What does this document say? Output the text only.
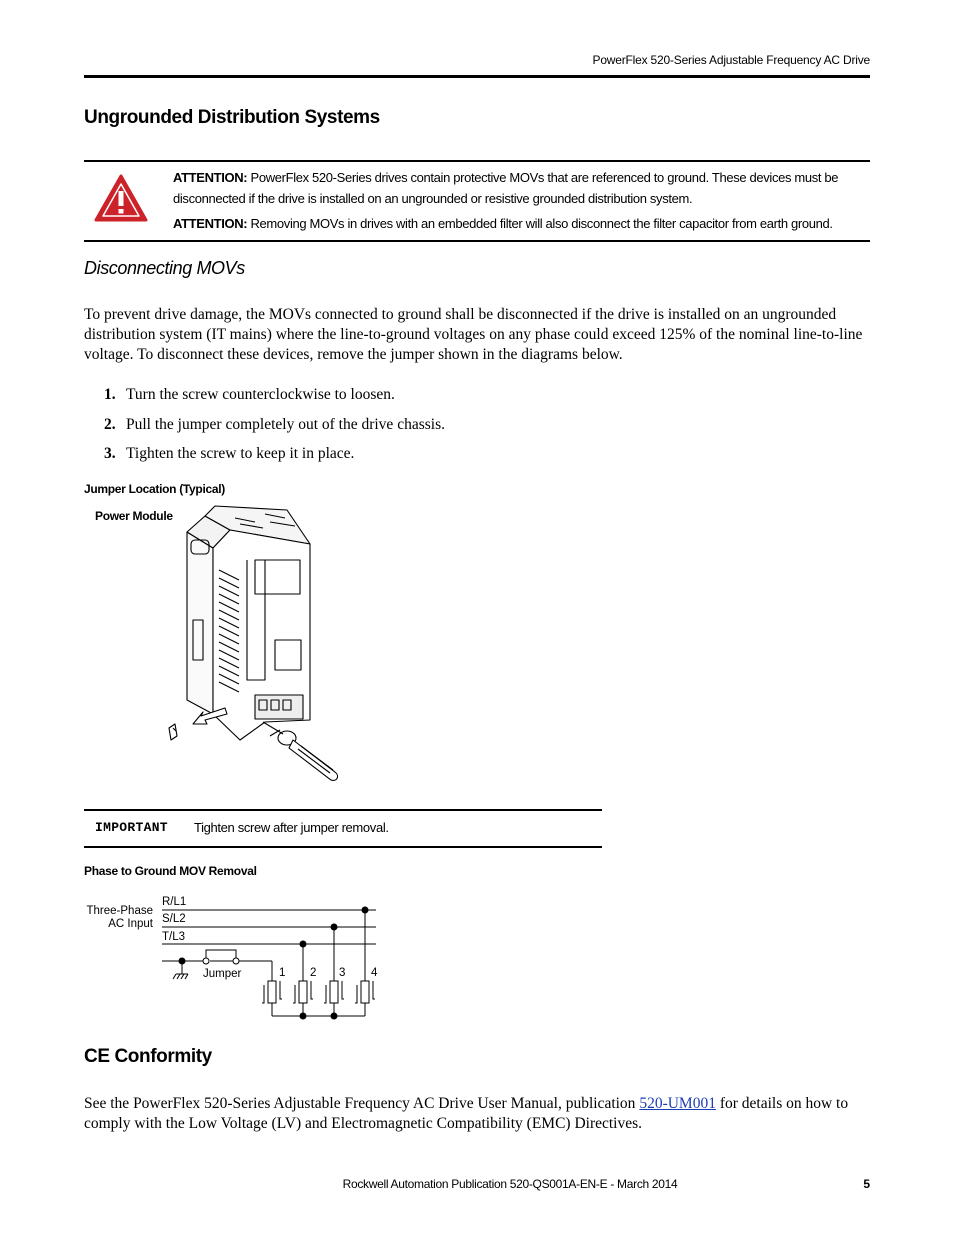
PowerFlex 520-Series Adjustable Frequency AC Drive
Ungrounded Distribution Systems
ATTENTION: PowerFlex 520-Series drives contain protective MOVs that are referenced to ground. These devices must be disconnected if the drive is installed on an ungrounded or resistive grounded distribution system.
ATTENTION: Removing MOVs in drives with an embedded filter will also disconnect the filter capacitor from earth ground.
Disconnecting MOVs
To prevent drive damage, the MOVs connected to ground shall be disconnected if the drive is installed on an ungrounded distribution system (IT mains) where the line-to-ground voltages on any phase could exceed 125% of the nominal line-to-line voltage. To disconnect these devices, remove the jumper shown in the diagrams below.
1. Turn the screw counterclockwise to loosen.
2. Pull the jumper completely out of the drive chassis.
3. Tighten the screw to keep it in place.
Jumper Location (Typical)
Power Module
IMPORTANT Tighten screw after jumper removal.
Phase to Ground MOV Removal
Three-Phase
AC Input
R/L1
S/L2
T/L3
Jumper	1 2 3 4
CE Conformity
See the PowerFlex 520-Series Adjustable Frequency AC Drive User Manual, publication 520-UM001 for details on how to comply with the Low Voltage (LV) and Electromagnetic Compatibility (EMC) Directives.
Rockwell Automation Publication 520-QS001A-EN-E - March 2014	5
